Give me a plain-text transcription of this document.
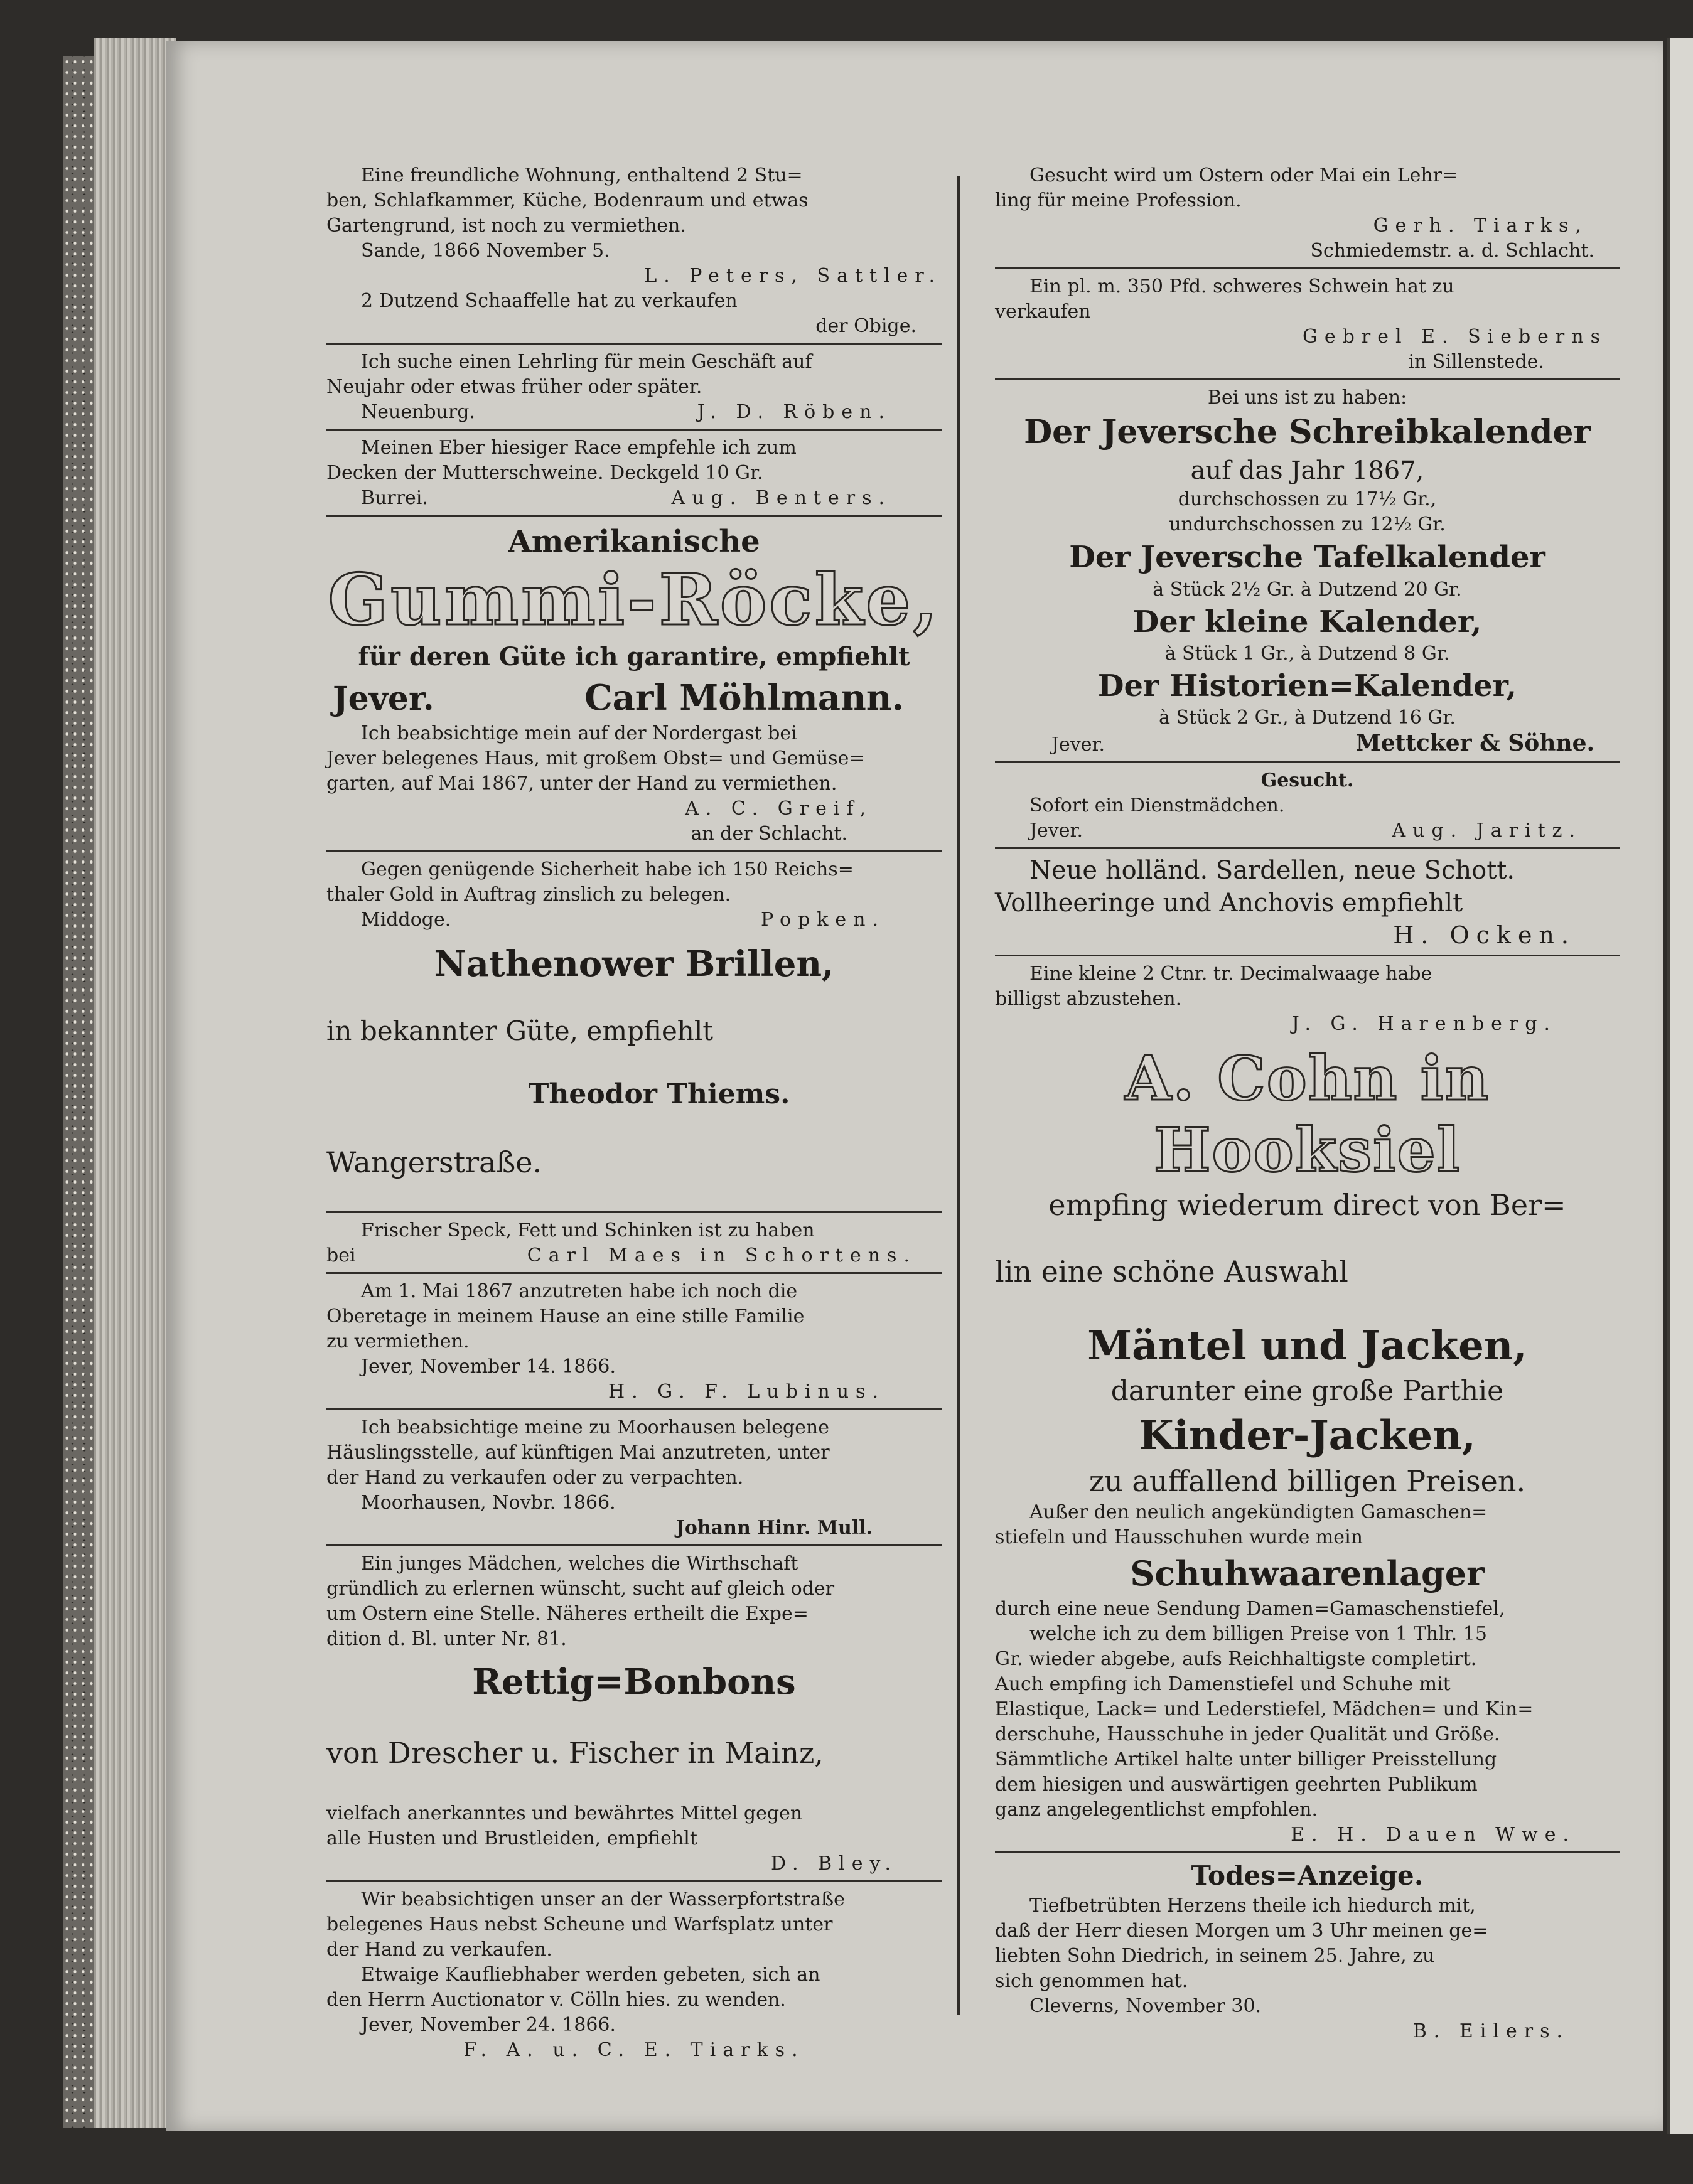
Eine freundliche Wohnung, enthaltend 2 Stu=

ben, Schlafkammer, Küche, Bodenraum und etwas

Gartengrund, ist noch zu vermiethen.

Sande, 1866 November 5.

L. Peters, Sattler.

2 Dutzend Schaaffelle hat zu verkaufen

der Obige.

Ich suche einen Lehrling für mein Geschäft auf

Neujahr oder etwas früher oder später.

Neuenburg.	J. D. Röben.

Meinen Eber hiesiger Race empfehle ich zum

Decken der Mutterschweine. Deckgeld 10 Gr.

Burrei.	Aug. Benters.

Amerikanische

Gummi-Röcke,

für deren Güte ich garantire, empfiehlt

Jever.	Carl Möhlmann.

Ich beabsichtige mein auf der Nordergast bei

Jever belegenes Haus, mit großem Obst= und Gemüse=

garten, auf Mai 1867, unter der Hand zu vermiethen.

A. C. Greif,

an der Schlacht.

Gegen genügende Sicherheit habe ich 150 Reichs=

thaler Gold in Auftrag zinslich zu belegen.

Middoge.	Popken.

Nathenower Brillen,

in bekannter Güte, empfiehlt

Theodor Thiems.

Wangerstraße.

Frischer Speck, Fett und Schinken ist zu haben

bei	Carl Maes in Schortens.

Am 1. Mai 1867 anzutreten habe ich noch die

Oberetage in meinem Hause an eine stille Familie

zu vermiethen.

Jever, November 14. 1866.

H. G. F. Lubinus.

Ich beabsichtige meine zu Moorhausen belegene

Häuslingsstelle, auf künftigen Mai anzutreten, unter

der Hand zu verkaufen oder zu verpachten.

Moorhausen, Novbr. 1866.

Johann Hinr. Mull.

Ein junges Mädchen, welches die Wirthschaft

gründlich zu erlernen wünscht, sucht auf gleich oder

um Ostern eine Stelle. Näheres ertheilt die Expe=

dition d. Bl. unter Nr. 81.

Rettig=Bonbons

von Drescher u. Fischer in Mainz,

vielfach anerkanntes und bewährtes Mittel gegen

alle Husten und Brustleiden, empfiehlt

D. Bley.

Wir beabsichtigen unser an der Wasserpfortstraße

belegenes Haus nebst Scheune und Warfsplatz unter

der Hand zu verkaufen.

Etwaige Kaufliebhaber werden gebeten, sich an

den Herrn Auctionator v. Cölln hies. zu wenden.

Jever, November 24. 1866.

F. A. u. C. E. Tiarks.

Gesucht wird um Ostern oder Mai ein Lehr=

ling für meine Profession.

Gerh. Tiarks,

Schmiedemstr. a. d. Schlacht.

Ein pl. m. 350 Pfd. schweres Schwein hat zu

verkaufen

Gebrel E. Sieberns

in Sillenstede.

Bei uns ist zu haben:

Der Jeversche Schreibkalender

auf das Jahr 1867,

durchschossen zu 17½ Gr.,

undurchschossen zu 12½ Gr.

Der Jeversche Tafelkalender

à Stück 2½ Gr. à Dutzend 20 Gr.

Der kleine Kalender,

à Stück 1 Gr., à Dutzend 8 Gr.

Der Historien=Kalender,

à Stück 2 Gr., à Dutzend 16 Gr.

Jever.	Mettcker & Söhne.

Gesucht.

Sofort ein Dienstmädchen.

Jever.	Aug. Jaritz.

Neue holländ. Sardellen, neue Schott.

Vollheeringe und Anchovis empfiehlt

H. Ocken.

Eine kleine 2 Ctnr. tr. Decimalwaage habe

billigst abzustehen.

J. G. Harenberg.

A. Cohn in Hooksiel

empfing wiederum direct von Ber=

lin eine schöne Auswahl

Mäntel und Jacken,

darunter eine große Parthie

Kinder-Jacken,

zu auffallend billigen Preisen.

Außer den neulich angekündigten Gamaschen=

stiefeln und Hausschuhen wurde mein

Schuhwaarenlager

durch eine neue Sendung Damen=Gamaschenstiefel,

welche ich zu dem billigen Preise von 1 Thlr. 15

Gr. wieder abgebe, aufs Reichhaltigste completirt.

Auch empfing ich Damenstiefel und Schuhe mit

Elastique, Lack= und Lederstiefel, Mädchen= und Kin=

derschuhe, Hausschuhe in jeder Qualität und Größe.

Sämmtliche Artikel halte unter billiger Preisstellung

dem hiesigen und auswärtigen geehrten Publikum

ganz angelegentlichst empfohlen.

E. H. Dauen Wwe.

Todes=Anzeige.

Tiefbetrübten Herzens theile ich hiedurch mit,

daß der Herr diesen Morgen um 3 Uhr meinen ge=

liebten Sohn Diedrich, in seinem 25. Jahre, zu

sich genommen hat.

Cleverns, November 30.

B. Eilers.
